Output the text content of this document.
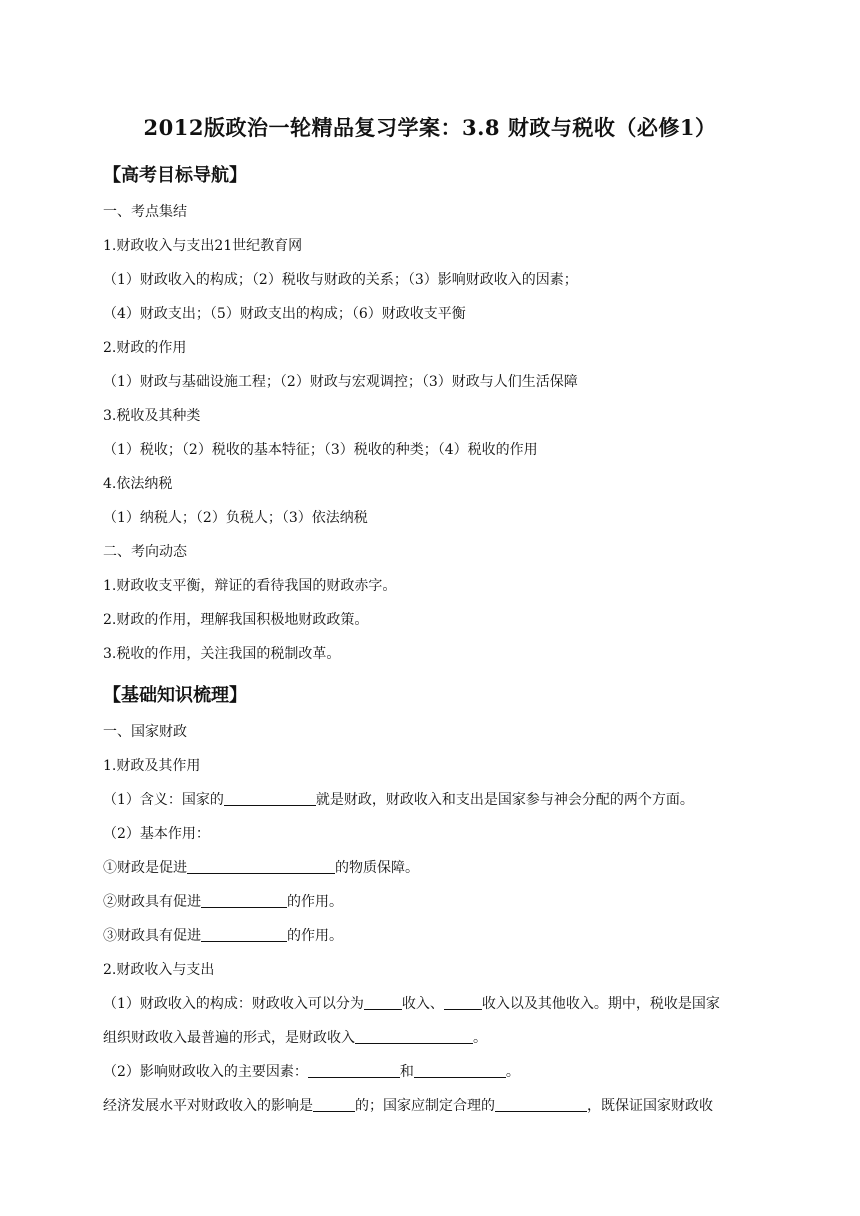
2012版政治一轮精品复习学案：3.8 财政与税收（必修1）
【高考目标导航】
一、考点集结
1.财政收入与支出21世纪教育网
（1）财政收入的构成；（2）税收与财政的关系；（3）影响财政收入的因素；
（4）财政支出；（5）财政支出的构成；（6）财政收支平衡
2.财政的作用
（1）财政与基础设施工程；（2）财政与宏观调控；（3）财政与人们生活保障
3.税收及其种类
（1）税收；（2）税收的基本特征；（3）税收的种类；（4）税收的作用
4.依法纳税
（1）纳税人；（2）负税人；（3）依法纳税
二、考向动态
1.财政收支平衡，辩证的看待我国的财政赤字。
2.财政的作用，理解我国积极地财政政策。
3.税收的作用，关注我国的税制改革。
【基础知识梳理】
一、国家财政
1.财政及其作用
（1）含义：国家的	就是财政，财政收入和支出是国家参与神会分配的两个方面。
（2）基本作用：
①财政是促进	的物质保障。
②财政具有促进	的作用。
③财政具有促进	的作用。
2.财政收入与支出
（1）财政收入的构成：财政收入可以分为	收入、	收入以及其他收入。期中，税收是国家
组织财政收入最普遍的形式，是财政收入	。
（2）影响财政收入的主要因素：	和	。
经济发展水平对财政收入的影响是	的；国家应制定合理的	，既保证国家财政收
